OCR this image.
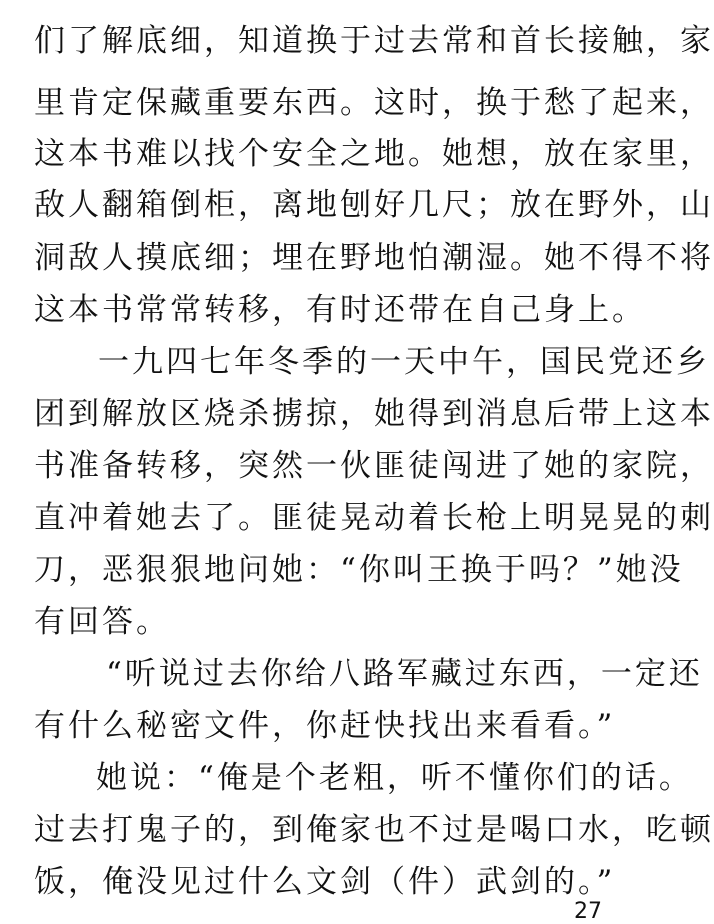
们了解底细，知道换于过去常和首长接触，家
里肯定保藏重要东西。这时，换于愁了起来，
这本书难以找个安全之地。她想，放在家里，
敌人翻箱倒柜，离地刨好几尺；放在野外，山
洞敌人摸底细；埋在野地怕潮湿。她不得不将
这本书常常转移，有时还带在自己身上。
一九四七年冬季的一天中午，国民党还乡
团到解放区烧杀掳掠，她得到消息后带上这本
书准备转移，突然一伙匪徒闯进了她的家院，
直冲着她去了。匪徒晃动着长枪上明晃晃的刺
刀，恶狠狠地问她：“你叫王换于吗？”她没
有回答。
“听说过去你给八路军藏过东西，一定还
有什么秘密文件，你赶快找出来看看。”
她说：“俺是个老粗，听不懂你们的话。
过去打鬼子的，到俺家也不过是喝口水，吃顿
饭，俺没见过什么文剑（件）武剑的。”
27
